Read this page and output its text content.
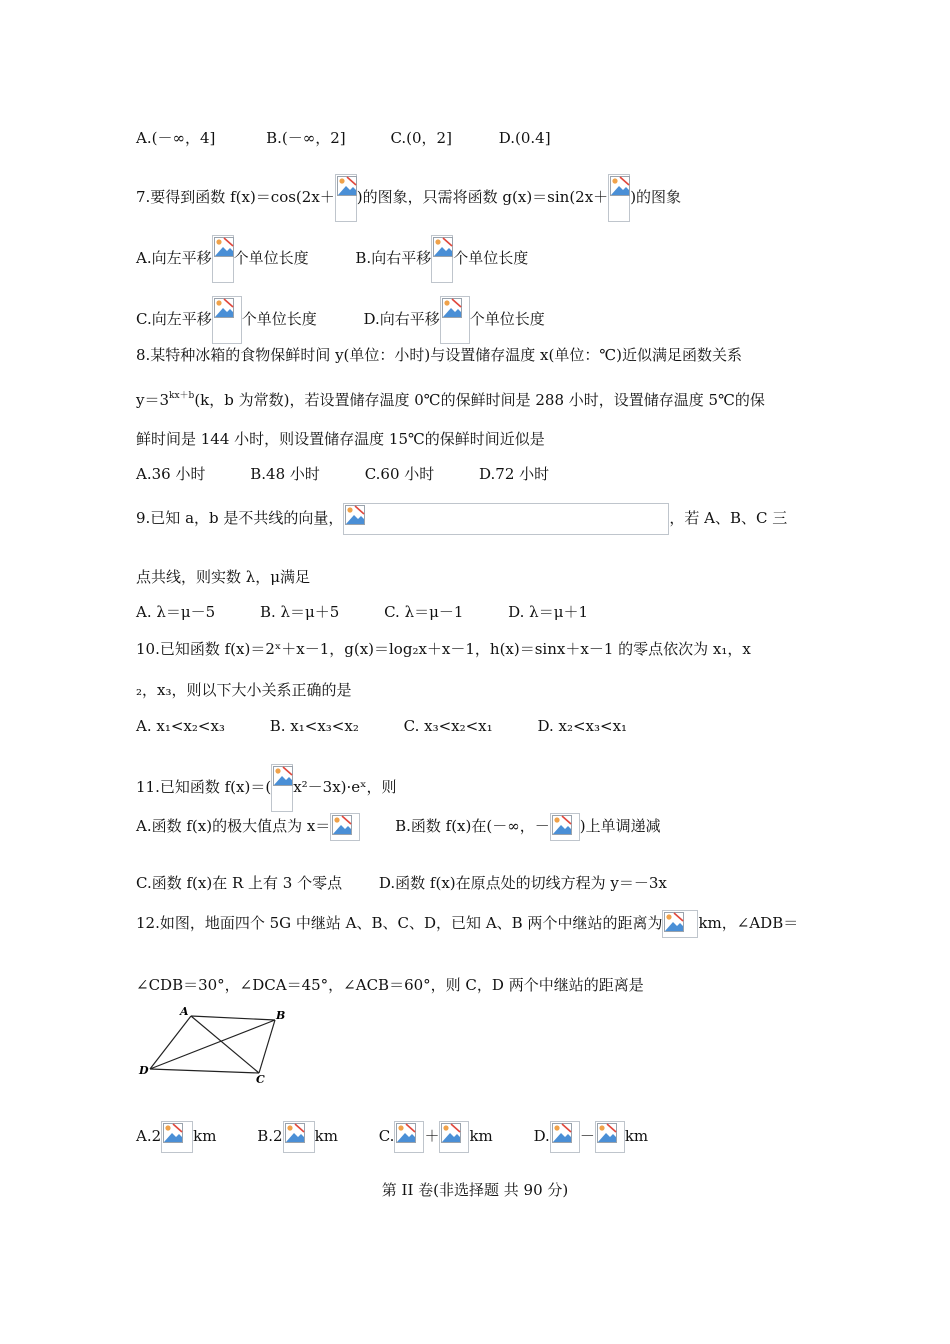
A.(－∞，4]	B.(－∞，2]	C.(0，2]	D.(0.4]
7.要得到函数 f(x)＝cos(2x＋ )的图象，只需将函数 g(x)＝sin(2x＋ )的图象
A.向左平移 个单位长度	B.向右平移 个单位长度
C.向左平移 个单位长度	D.向右平移 个单位长度
8.某特种冰箱的食物保鲜时间 y(单位：小时)与设置储存温度 x(单位：℃)近似满足函数关系
$y=3^{kx+b}(k$，b 为常数)，若设置储存温度 0℃的保鲜时间是 288 小时，设置储存温度 5℃的保
鲜时间是 144 小时，则设置储存温度 15℃的保鲜时间近似是
A.36 小时	B.48 小时	C.60 小时	D.72 小时
9.已知 a，b 是不共线的向量，	，若 A、B、C 三
点共线，则实数 λ，μ满足
A. λ＝μ－5	B. λ＝μ＋5	C. λ＝μ－1	D. λ＝μ＋1
10.已知函数 f(x)＝2ˣ＋x－1，g(x)＝log₂x＋x－1，h(x)＝sinx＋x－1 的零点依次为 x₁，x
₂，x₃，则以下大小关系正确的是
A. x₁<x₂<x₃	B. x₁<x₃<x₂	C. x₃<x₂<x₁	D. x₂<x₃<x₁
11.已知函数 f(x)＝( x²－3x)·eˣ，则
A.函数 f(x)的极大值点为 x＝	B.函数 f(x)在(－∞，－ )上单调递减
C.函数 f(x)在 R 上有 3 个零点 D.函数 f(x)在原点处的切线方程为 y＝－3x
12.如图，地面四个 5G 中继站 A、B、C、D，已知 A、B 两个中继站的距离为 km，∠ADB＝
∠CDB＝30°，∠DCA＝45°，∠ACB＝60°，则 C，D 两个中继站的距离是
A	B
C
D
A.2 km	B.2 km	C. ＋ km	D. － km
第 II 卷(非选择题 共 90 分)
